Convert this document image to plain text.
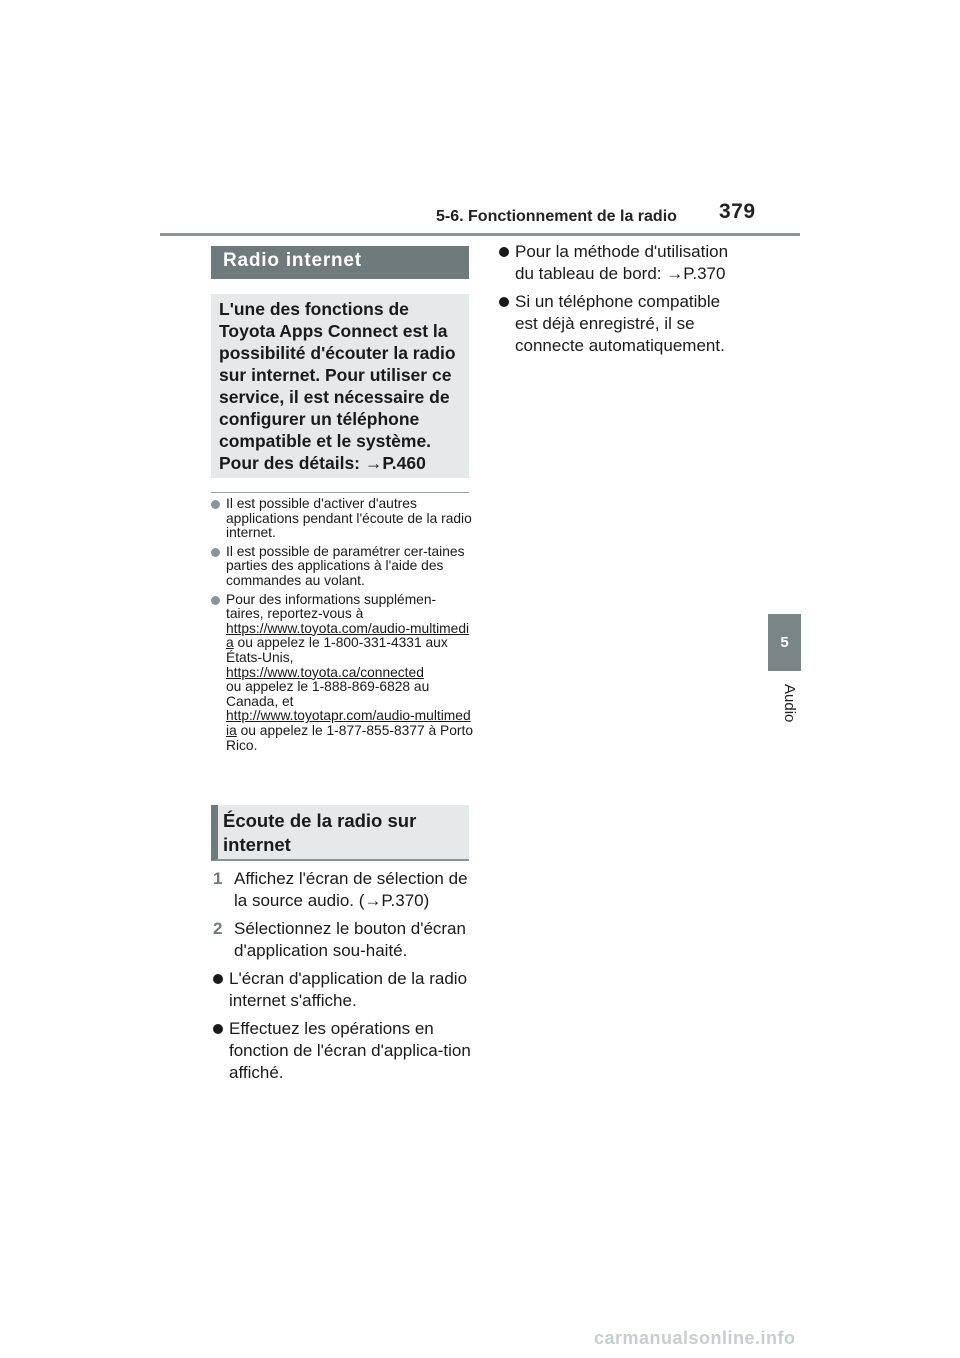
5-6. Fonctionnement de la radio 379
5
Audio
Radio internet

L'une des fonctions de Toyota Apps Connect est la possibilité d'écouter la radio sur internet. Pour utiliser ce service, il est nécessaire de configurer un téléphone compatible et le système. Pour des détails: →P.460

Il est possible d'activer d'autres applications pendant l'écoute de la radio internet.
Il est possible de paramétrer cer-taines parties des applications à l'aide des commandes au volant.
Pour des informations supplémen-taires, reportez-vous à
https://www.toyota.com/audio-multimedia ou appelez le 1-800-331-4331 aux États-Unis,
https://www.toyota.ca/connected
ou appelez le 1-888-869-6828 au Canada, et
http://www.toyotapr.com/audio-multimedia ou appelez le 1-877-855-8377 à Porto Rico.
Écoute de la radio sur internet
1 Affichez l'écran de sélection de la source audio. (→P.370)
2 Sélectionnez le bouton d'écran d'application sou-haité.
L'écran d'application de la radio internet s'affiche.
Effectuez les opérations en fonction de l'écran d'applica-tion affiché.
Pour la méthode d'utilisation du tableau de bord: →P.370
Si un téléphone compatible est déjà enregistré, il se connecte automatiquement.
carmanualsonline.info
